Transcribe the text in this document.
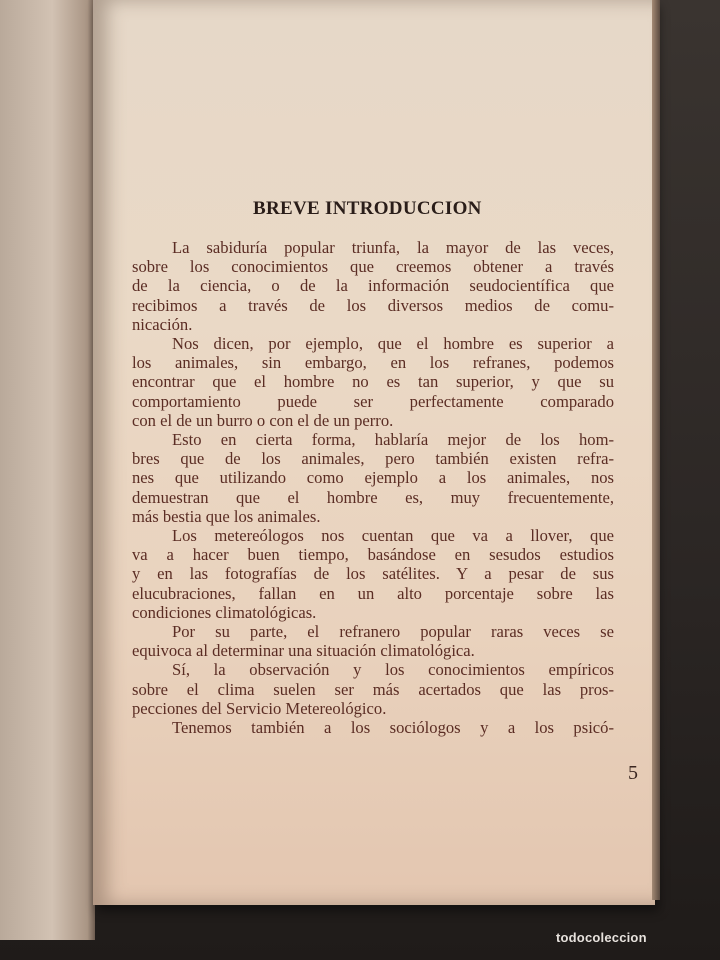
BREVE INTRODUCCION
La sabiduría popular triunfa, la mayor de las veces,
sobre los conocimientos que creemos obtener a través
de la ciencia, o de la información seudocientífica que
recibimos a través de los diversos medios de comu-
nicación.
Nos dicen, por ejemplo, que el hombre es superior a
los animales, sin embargo, en los refranes, podemos
encontrar que el hombre no es tan superior, y que su
comportamiento puede ser perfectamente comparado
con el de un burro o con el de un perro.
Esto en cierta forma, hablaría mejor de los hom-
bres que de los animales, pero también existen refra-
nes que utilizando como ejemplo a los animales, nos
demuestran que el hombre es, muy frecuentemente,
más bestia que los animales.
Los metereólogos nos cuentan que va a llover, que
va a hacer buen tiempo, basándose en sesudos estudios
y en las fotografías de los satélites. Y a pesar de sus
elucubraciones, fallan en un alto porcentaje sobre las
condiciones climatológicas.
Por su parte, el refranero popular raras veces se
equivoca al determinar una situación climatológica.
Sí, la observación y los conocimientos empíricos
sobre el clima suelen ser más acertados que las pros-
pecciones del Servicio Metereológico.
Tenemos también a los sociólogos y a los psicó-
5
todocoleccion
